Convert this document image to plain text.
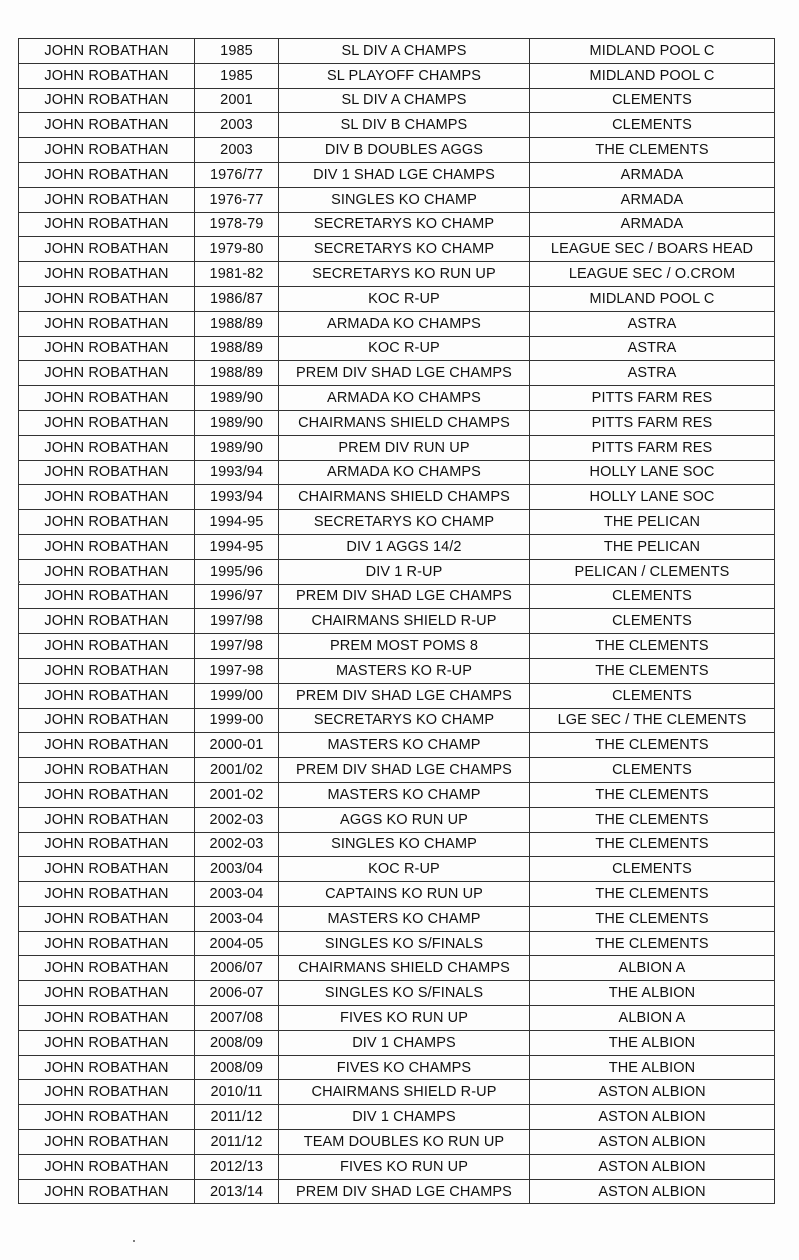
JOHN ROBATHAN	1985	SL DIV A CHAMPS	MIDLAND POOL C
JOHN ROBATHAN	1985	SL PLAYOFF CHAMPS	MIDLAND POOL C
JOHN ROBATHAN	2001	SL DIV A CHAMPS	CLEMENTS
JOHN ROBATHAN	2003	SL DIV B CHAMPS	CLEMENTS
JOHN ROBATHAN	2003	DIV B DOUBLES AGGS	THE CLEMENTS
JOHN ROBATHAN	1976/77	DIV 1 SHAD LGE CHAMPS	ARMADA
JOHN ROBATHAN	1976-77	SINGLES KO CHAMP	ARMADA
JOHN ROBATHAN	1978-79	SECRETARYS KO CHAMP	ARMADA
JOHN ROBATHAN	1979-80	SECRETARYS KO CHAMP	LEAGUE SEC / BOARS HEAD
JOHN ROBATHAN	1981-82	SECRETARYS KO RUN UP	LEAGUE SEC / O.CROM
JOHN ROBATHAN	1986/87	KOC R-UP	MIDLAND POOL C
JOHN ROBATHAN	1988/89	ARMADA KO CHAMPS	ASTRA
JOHN ROBATHAN	1988/89	KOC R-UP	ASTRA
JOHN ROBATHAN	1988/89	PREM DIV SHAD LGE CHAMPS	ASTRA
JOHN ROBATHAN	1989/90	ARMADA KO CHAMPS	PITTS FARM RES
JOHN ROBATHAN	1989/90	CHAIRMANS SHIELD CHAMPS	PITTS FARM RES
JOHN ROBATHAN	1989/90	PREM DIV RUN UP	PITTS FARM RES
JOHN ROBATHAN	1993/94	ARMADA KO CHAMPS	HOLLY LANE SOC
JOHN ROBATHAN	1993/94	CHAIRMANS SHIELD CHAMPS	HOLLY LANE SOC
JOHN ROBATHAN	1994-95	SECRETARYS KO CHAMP	THE PELICAN
JOHN ROBATHAN	1994-95	DIV 1 AGGS 14/2	THE PELICAN
JOHN ROBATHAN	1995/96	DIV 1 R-UP	PELICAN / CLEMENTS
JOHN ROBATHAN	1996/97	PREM DIV SHAD LGE CHAMPS	CLEMENTS
JOHN ROBATHAN	1997/98	CHAIRMANS SHIELD R-UP	CLEMENTS
JOHN ROBATHAN	1997/98	PREM MOST POMS 8	THE CLEMENTS
JOHN ROBATHAN	1997-98	MASTERS KO R-UP	THE CLEMENTS
JOHN ROBATHAN	1999/00	PREM DIV SHAD LGE CHAMPS	CLEMENTS
JOHN ROBATHAN	1999-00	SECRETARYS KO CHAMP	LGE SEC / THE CLEMENTS
JOHN ROBATHAN	2000-01	MASTERS KO CHAMP	THE CLEMENTS
JOHN ROBATHAN	2001/02	PREM DIV SHAD LGE CHAMPS	CLEMENTS
JOHN ROBATHAN	2001-02	MASTERS KO CHAMP	THE CLEMENTS
JOHN ROBATHAN	2002-03	AGGS KO RUN UP	THE CLEMENTS
JOHN ROBATHAN	2002-03	SINGLES KO CHAMP	THE CLEMENTS
JOHN ROBATHAN	2003/04	KOC R-UP	CLEMENTS
JOHN ROBATHAN	2003-04	CAPTAINS KO RUN UP	THE CLEMENTS
JOHN ROBATHAN	2003-04	MASTERS KO CHAMP	THE CLEMENTS
JOHN ROBATHAN	2004-05	SINGLES KO S/FINALS	THE CLEMENTS
JOHN ROBATHAN	2006/07	CHAIRMANS SHIELD CHAMPS	ALBION A
JOHN ROBATHAN	2006-07	SINGLES KO S/FINALS	THE ALBION
JOHN ROBATHAN	2007/08	FIVES KO RUN UP	ALBION A
JOHN ROBATHAN	2008/09	DIV 1 CHAMPS	THE ALBION
JOHN ROBATHAN	2008/09	FIVES KO CHAMPS	THE ALBION
JOHN ROBATHAN	2010/11	CHAIRMANS SHIELD R-UP	ASTON ALBION
JOHN ROBATHAN	2011/12	DIV 1 CHAMPS	ASTON ALBION
JOHN ROBATHAN	2011/12	TEAM DOUBLES KO RUN UP	ASTON ALBION
JOHN ROBATHAN	2012/13	FIVES KO RUN UP	ASTON ALBION
JOHN ROBATHAN	2013/14	PREM DIV SHAD LGE CHAMPS	ASTON ALBION
